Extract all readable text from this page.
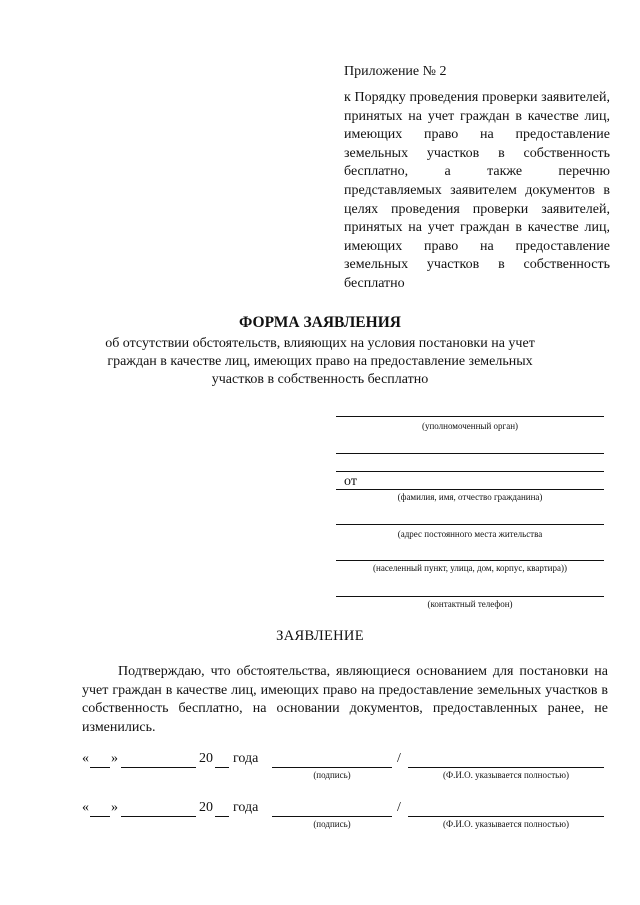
Приложение № 2
к Порядку проведения проверки заявителей, принятых на учет граждан в качестве лиц, имеющих право на предоставление земельных участков в собственность бесплатно, а также перечню представляемых заявителем документов в целях проведения проверки заявителей, принятых на учет граждан в качестве лиц, имеющих право на предоставление земельных участков в собственность бесплатно
ФОРМА ЗАЯВЛЕНИЯ
об отсутствии обстоятельств, влияющих на условия постановки на учет
граждан в качестве лиц, имеющих право на предоставление земельных
участков в собственность бесплатно
(уполномоченный орган)
от
(фамилия, имя, отчество гражданина)
(адрес постоянного места жительства
(населенный пункт, улица, дом, корпус, квартира))
(контактный телефон)
ЗАЯВЛЕНИЕ
Подтверждаю, что обстоятельства, являющиеся основанием для постановки на учет граждан в качестве лиц, имеющих право на предоставление земельных участков в собственность бесплатно, на основании документов, предоставленных ранее, не изменились.
« »	20 года	/
(подпись)	(Ф.И.О. указывается полностью)
« »	20 года	/
(подпись)	(Ф.И.О. указывается полностью)
